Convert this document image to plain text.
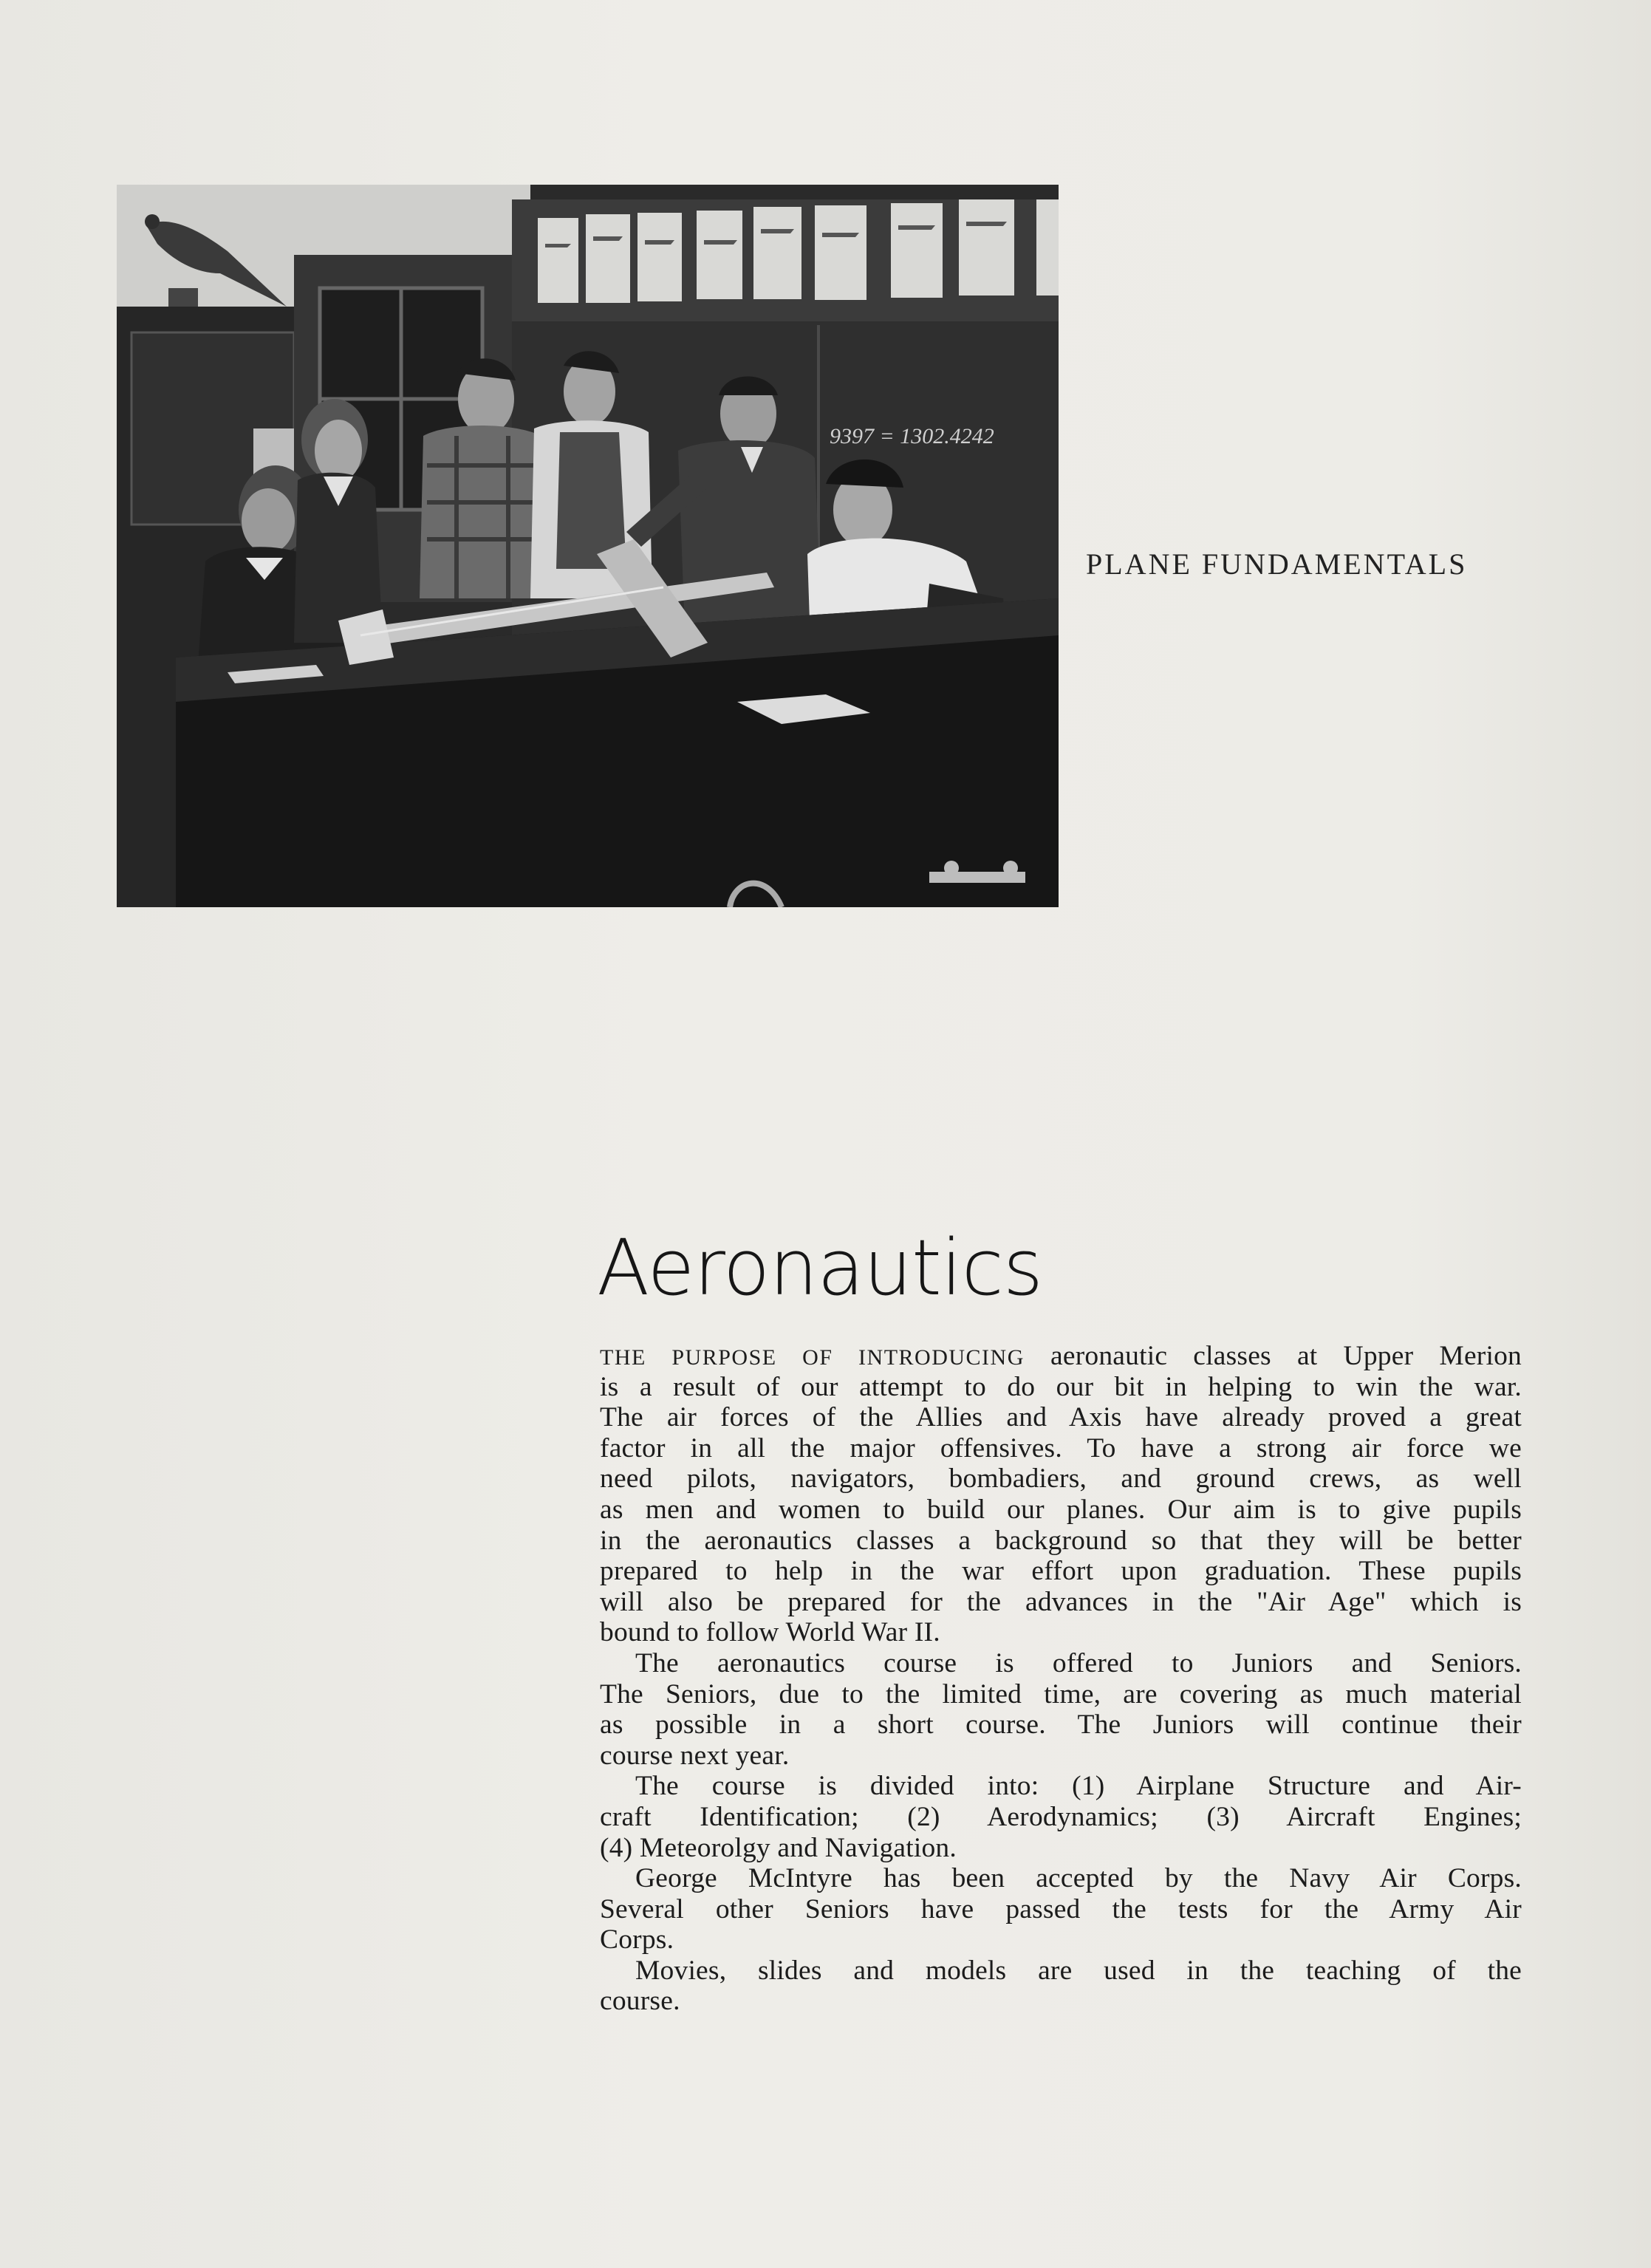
9397 = 1302.4242
PLANE FUNDAMENTALS
Aeronautics
THE PURPOSE OF INTRODUCING aeronautic classes at Upper Merion
is a result of our attempt to do our bit in helping to win the war.
The air forces of the Allies and Axis have already proved a great
factor in all the major offensives. To have a strong air force we
need pilots, navigators, bombadiers, and ground crews, as well
as men and women to build our planes. Our aim is to give pupils
in the aeronautics classes a background so that they will be better
prepared to help in the war effort upon graduation. These pupils
will also be prepared for the advances in the "Air Age" which is
bound to follow World War II.
The aeronautics course is offered to Juniors and Seniors.
The Seniors, due to the limited time, are covering as much material
as possible in a short course. The Juniors will continue their
course next year.
The course is divided into: (1) Airplane Structure and Air-
craft Identification; (2) Aerodynamics; (3) Aircraft Engines;
(4) Meteorolgy and Navigation.
George McIntyre has been accepted by the Navy Air Corps.
Several other Seniors have passed the tests for the Army Air
Corps.
Movies, slides and models are used in the teaching of the
course.
